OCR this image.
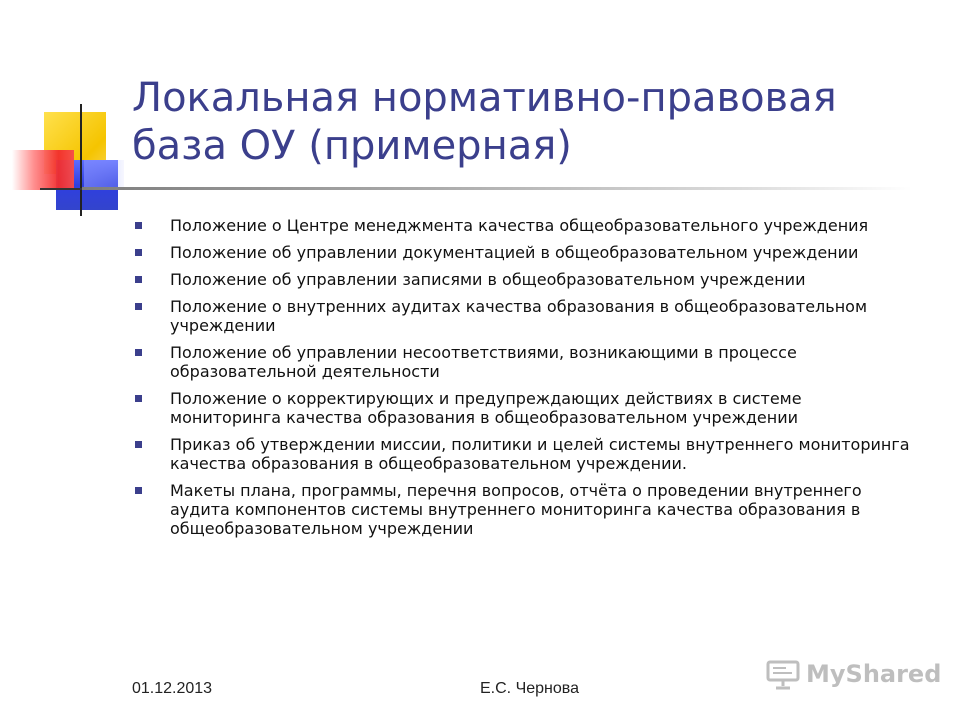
Локальная нормативно-правовая база ОУ (примерная)
Положение о Центре менеджмента качества общеобразовательного учреждения
Положение об управлении документацией в общеобразовательном учреждении
Положение об управлении записями в общеобразовательном учреждении
Положение о внутренних аудитах качества образования в общеобразовательном учреждении
Положение об управлении несоответствиями, возникающими в процессе образовательной деятельности
Положение о корректирующих и предупреждающих действиях в системе мониторинга качества образования в общеобразовательном учреждении
Приказ об утверждении миссии, политики и целей системы внутреннего мониторинга качества образования в общеобразовательном учреждении.
Макеты плана, программы, перечня вопросов, отчёта о проведении внутреннего аудита компонентов системы внутреннего мониторинга качества образования в общеобразовательном учреждении
01.12.2013	Е.С. Чернова
MyShared
